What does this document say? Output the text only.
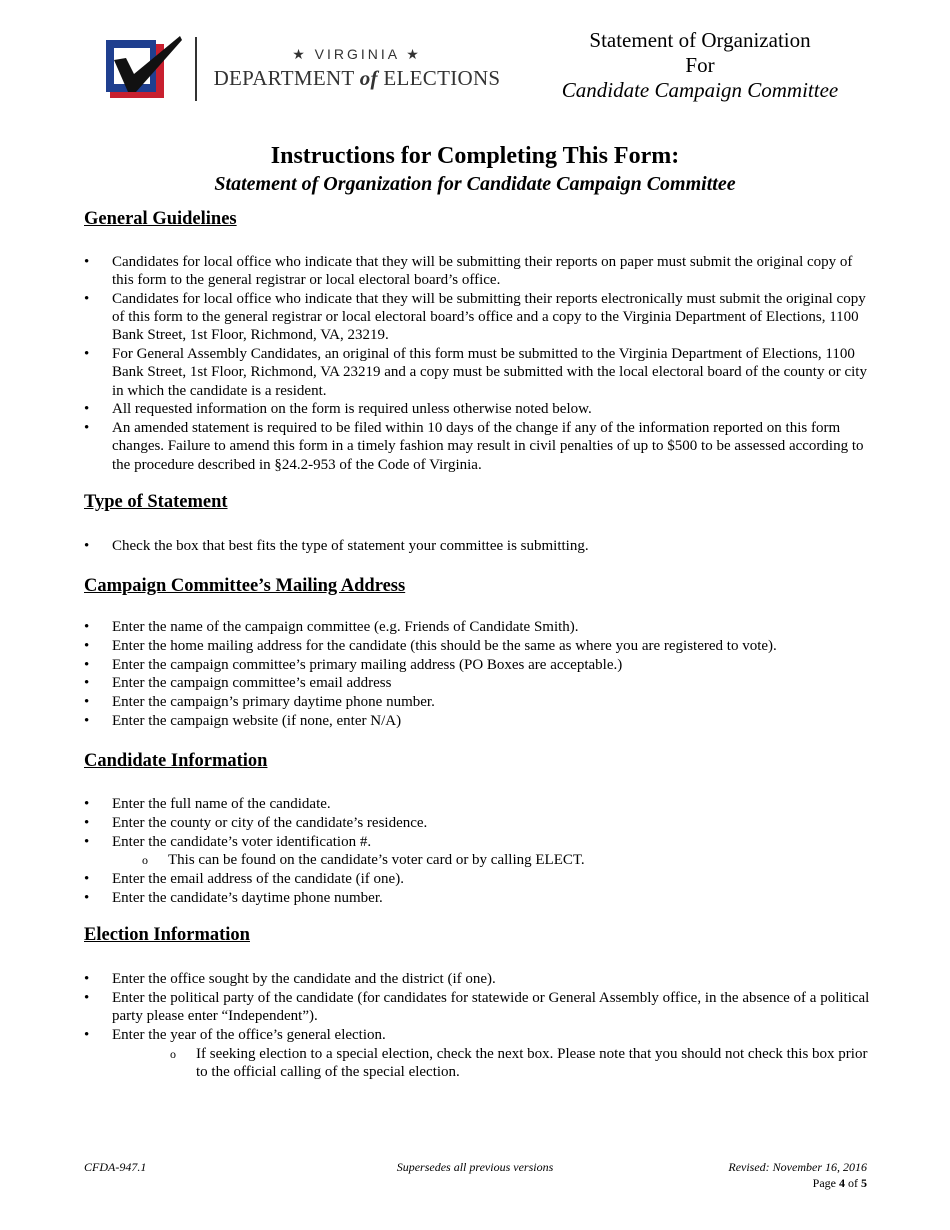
★ VIRGINIA ★
DEPARTMENT of ELECTIONS
Statement of Organization
For
Candidate Campaign Committee
Instructions for Completing This Form:
Statement of Organization for Candidate Campaign Committee
General Guidelines
• Candidates for local office who indicate that they will be submitting their reports on paper must submit the original copy of this form to the general registrar or local electoral board’s office.
• Candidates for local office who indicate that they will be submitting their reports electronically must submit the original copy of this form to the general registrar or local electoral board’s office and a copy to the Virginia Department of Elections, 1100 Bank Street, 1st Floor, Richmond, VA, 23219.
• For General Assembly Candidates, an original of this form must be submitted to the Virginia Department of Elections, 1100 Bank Street, 1st Floor, Richmond, VA 23219 and a copy must be submitted with the local electoral board of the county or city in which the candidate is a resident.
• All requested information on the form is required unless otherwise noted below.
• An amended statement is required to be filed within 10 days of the change if any of the information reported on this form changes. Failure to amend this form in a timely fashion may result in civil penalties of up to $500 to be assessed according to the procedure described in §24.2-953 of the Code of Virginia.
Type of Statement
• Check the box that best fits the type of statement your committee is submitting.
Campaign Committee’s Mailing Address
• Enter the name of the campaign committee (e.g. Friends of Candidate Smith).
• Enter the home mailing address for the candidate (this should be the same as where you are registered to vote).
• Enter the campaign committee’s primary mailing address (PO Boxes are acceptable.)
• Enter the campaign committee’s email address
• Enter the campaign’s primary daytime phone number.
• Enter the campaign website (if none, enter N/A)
Candidate Information
• Enter the full name of the candidate.
• Enter the county or city of the candidate’s residence.
• Enter the candidate’s voter identification #.
o This can be found on the candidate’s voter card or by calling ELECT.
• Enter the email address of the candidate (if one).
• Enter the candidate’s daytime phone number.
Election Information
• Enter the office sought by the candidate and the district (if one).
• Enter the political party of the candidate (for candidates for statewide or General Assembly office, in the absence of a political party please enter “Independent”).
• Enter the year of the office’s general election.
o If seeking election to a special election, check the next box. Please note that you should not check this box prior to the official calling of the special election.
CFDA-947.1	Supersedes all previous versions	Revised: November 16, 2016
Page 4 of 5
